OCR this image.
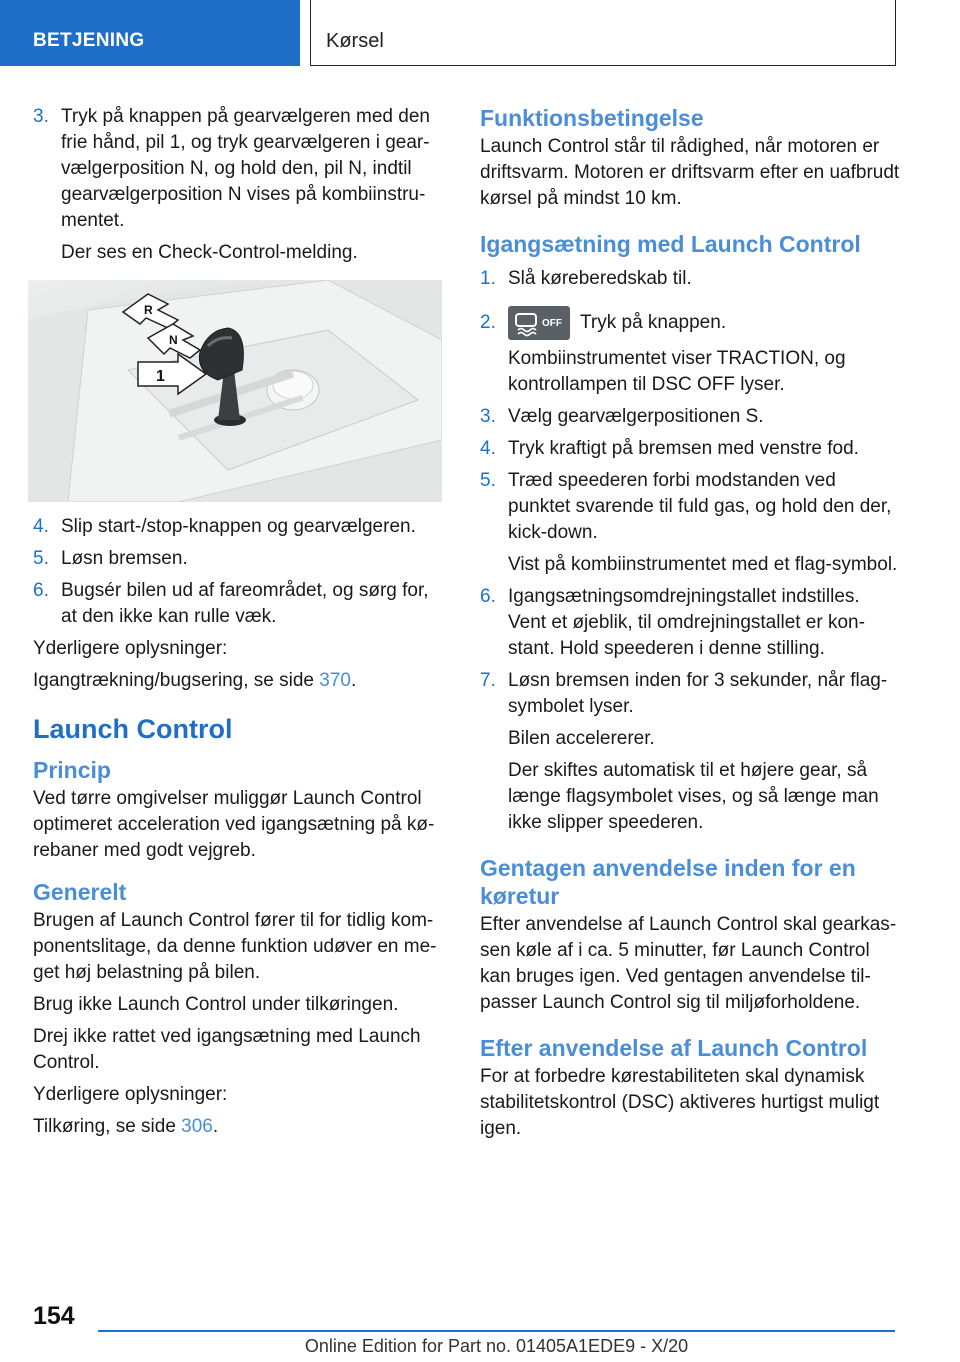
BETJENING	Kørsel
3. Tryk på knappen på gearvælgeren med den frie hånd, pil 1, og tryk gearvælgeren i gearvælgerposition N, og hold den, pil N, indtil gearvælgerposition N vises på kombiinstrumentet.
Der ses en Check-Control-melding.
R
N
1
4. Slip start-/stop-knappen og gearvælgeren.
5. Løsn bremsen.
6. Bugsér bilen ud af fareområdet, og sørg for, at den ikke kan rulle væk.
Yderligere oplysninger:
Igangtrækning/bugsering, se side 370.
Launch Control
Princip
Ved tørre omgivelser muliggør Launch Control optimeret acceleration ved igangsætning på kørebaner med godt vejgreb.
Generelt
Brugen af Launch Control fører til for tidlig komponentslitage, da denne funktion udøver en meget høj belastning på bilen.
Brug ikke Launch Control under tilkøringen.
Drej ikke rattet ved igangsætning med Launch Control.
Yderligere oplysninger:
Tilkøring, se side 306.
Funktionsbetingelse
Launch Control står til rådighed, når motoren er driftsvarm. Motoren er driftsvarm efter en uafbrudt kørsel på mindst 10 km.
Igangsætning med Launch Control
1. Slå køreberedskab til.
2.	OFF Tryk på knappen.
Kombiinstrumentet viser TRACTION, og kontrollampen til DSC OFF lyser.
3. Vælg gearvælgerpositionen S.
4. Tryk kraftigt på bremsen med venstre fod.
5. Træd speederen forbi modstanden ved punktet svarende til fuld gas, og hold den der, kick-down.
Vist på kombiinstrumentet med et flag-symbol.
6. Igangsætningsomdrejningstallet indstilles. Vent et øjeblik, til omdrejningstallet er konstant. Hold speederen i denne stilling.
7. Løsn bremsen inden for 3 sekunder, når flagsymbolet lyser.
Bilen accelererer.
Der skiftes automatisk til et højere gear, så længe flagsymbolet vises, og så længe man ikke slipper speederen.
Gentagen anvendelse inden for en køretur
Efter anvendelse af Launch Control skal gearkassen køle af i ca. 5 minutter, før Launch Control kan bruges igen. Ved gentagen anvendelse tilpasser Launch Control sig til miljøforholdene.
Efter anvendelse af Launch Control
For at forbedre kørestabiliteten skal dynamisk stabilitetskontrol (DSC) aktiveres hurtigst muligt igen.
154
Online Edition for Part no. 01405A1EDE9 - X/20
